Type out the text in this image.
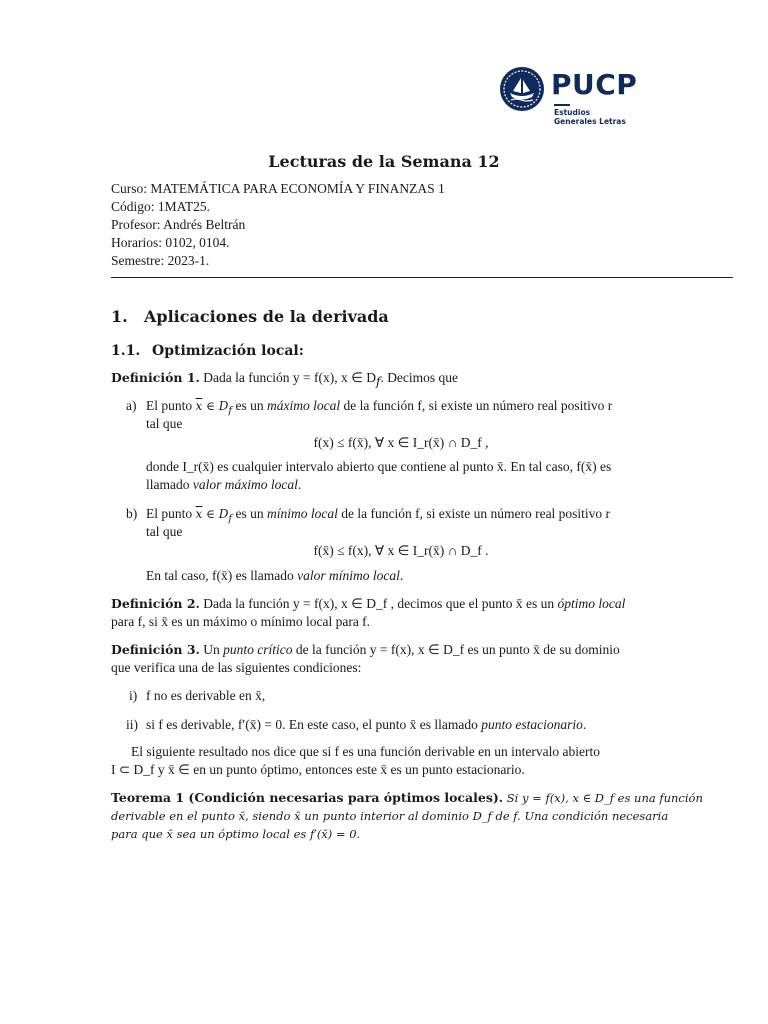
PUCP
Estudios
Generales Letras
Lecturas de la Semana 12
Curso: MATEMÁTICA PARA ECONOMÍA Y FINANZAS 1
Código: 1MAT25.
Profesor: Andrés Beltrán
Horarios: 0102, 0104.
Semestre: 2023-1.
1. Aplicaciones de la derivada
1.1. Optimización local:
Definición 1. Dada la función y = f(x), x ∈ $D_f$. Decimos que
a) El punto $\overline{x}$ ∈ $D_f$ es un máximo local de la función f, si existe un número real positivo r
tal que
f(x) ≤ f(x̄), ∀ x ∈ I_r(x̄) ∩ D_f ,
donde I_r(x̄) es cualquier intervalo abierto que contiene al punto x̄. En tal caso, f(x̄) es
llamado valor máximo local.
b) El punto $\overline{x}$ ∈ $D_f$ es un mínimo local de la función f, si existe un número real positivo r
tal que
f(x̄) ≤ f(x), ∀ x ∈ I_r(x̄) ∩ D_f .
En tal caso, f(x̄) es llamado valor mínimo local.
Definición 2. Dada la función y = f(x), x ∈ D_f , decimos que el punto x̄ es un óptimo local
para f, si x̄ es un máximo o mínimo local para f.
Definición 3. Un punto crítico de la función y = f(x), x ∈ D_f es un punto x̄ de su dominio
que verifica una de las siguientes condiciones:
i) f no es derivable en x̄,
ii) si f es derivable, f′(x̄) = 0. En este caso, el punto x̄ es llamado punto estacionario.
El siguiente resultado nos dice que si f es una función derivable en un intervalo abierto
I ⊂ D_f y x̄ ∈ en un punto óptimo, entonces este x̄ es un punto estacionario.
Teorema 1 (Condición necesarias para óptimos locales). Si y = f(x), x ∈ D_f es una función
derivable en el punto x̄, siendo x̄ un punto interior al dominio D_f de f. Una condición necesaria
para que x̄ sea un óptimo local es f′(x̄) = 0.
